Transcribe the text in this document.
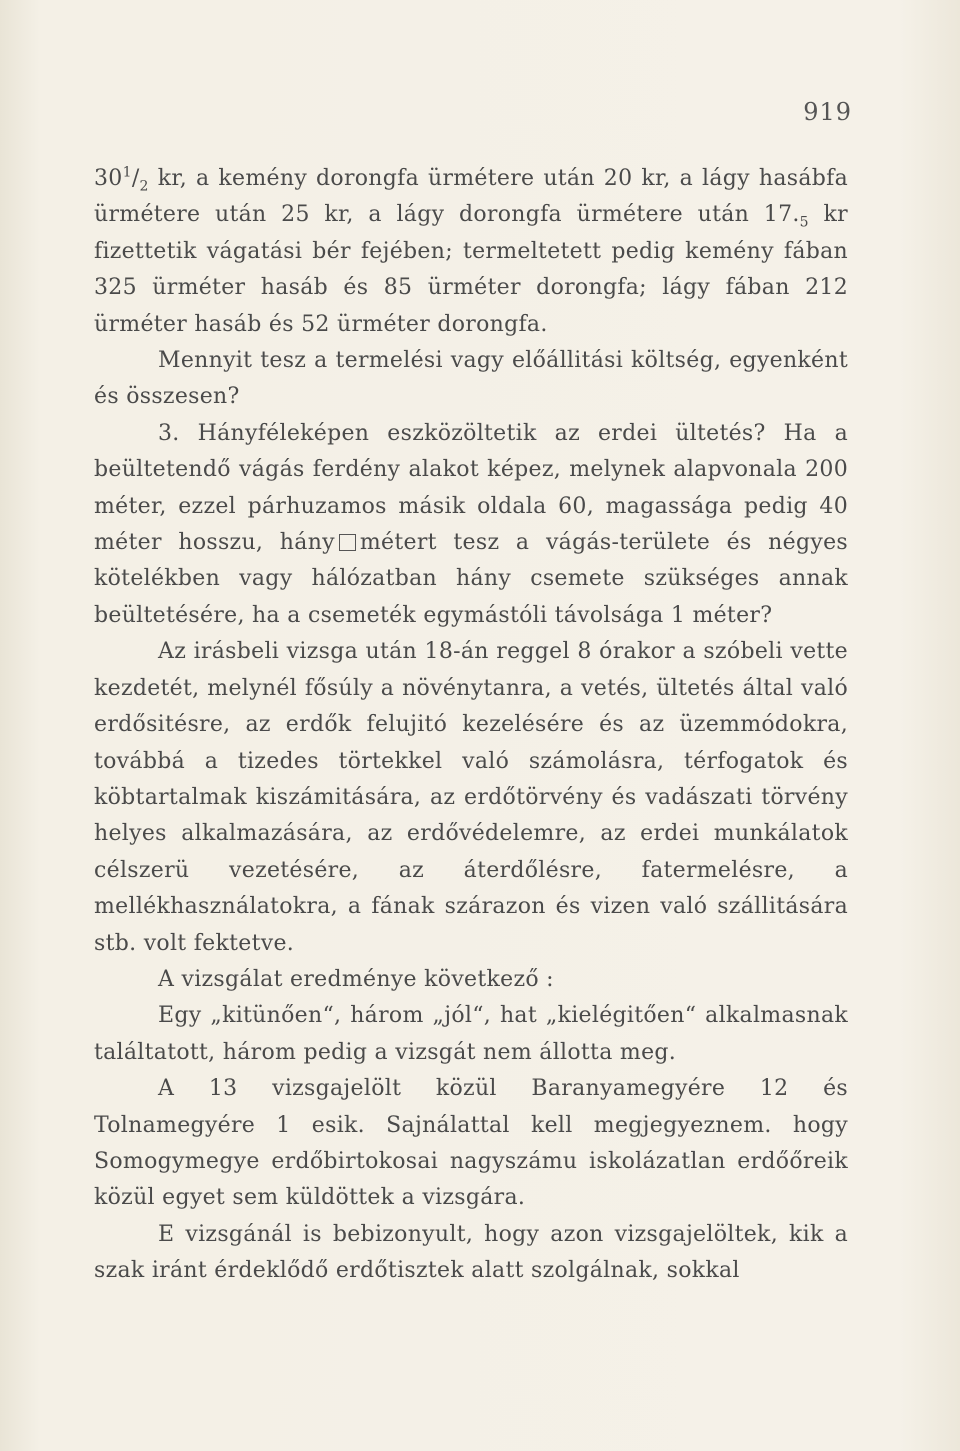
919

$30^1/_2$ kr, a kemény dorongfa ürmétere után 20 kr, a lágy hasábfa ürmétere után 25 kr, a lágy dorongfa ürmétere után $17._5$ kr fizettetik vágatási bér fejében; termeltetett pedig kemény fában 325 ürméter hasáb és 85 ürméter dorongfa; lágy fában 212 ürméter hasáb és 52 ürméter dorongfa.

Mennyit tesz a termelési vagy előállitási költség, egyenként és összesen?

3. Hányféleképen eszközöltetik az erdei ültetés? Ha a beültetendő vágás ferdény alakot képez, melynek alapvonala 200 méter, ezzel párhuzamos másik oldala 60, magassága pedig 40 méter hosszu, hány métert tesz a vágás-területe és négyes kötelékben vagy hálózatban hány csemete szükséges annak beültetésére, ha a csemeték egymástóli távolsága 1 méter?

Az irásbeli vizsga után 18-án reggel 8 órakor a szóbeli vette kezdetét, melynél fősúly a növénytanra, a vetés, ültetés által való erdősitésre, az erdők felujitó kezelésére és az üzemmódokra, továbbá a tizedes törtekkel való számolásra, térfogatok és köbtartalmak kiszámitására, az erdőtörvény és vadászati törvény helyes alkalmazására, az erdővédelemre, az erdei munkálatok célszerü vezetésére, az áterdőlésre, fatermelésre, a mellékhasználatokra, a fának szárazon és vizen való szállitására stb. volt fektetve.

A vizsgálat eredménye következő :

Egy „kitünően“, három „jól“, hat „kielégitően“ alkalmasnak találtatott, három pedig a vizsgát nem állotta meg.

A 13 vizsgajelölt közül Baranyamegyére 12 és Tolnamegyére 1 esik. Sajnálattal kell megjegyeznem. hogy Somogymegye erdőbirtokosai nagyszámu iskolázatlan erdőőreik közül egyet sem küldöttek a vizsgára.

E vizsgánál is bebizonyult, hogy azon vizsgajelöltek, kik a szak iránt érdeklődő erdőtisztek alatt szolgálnak, sokkal
